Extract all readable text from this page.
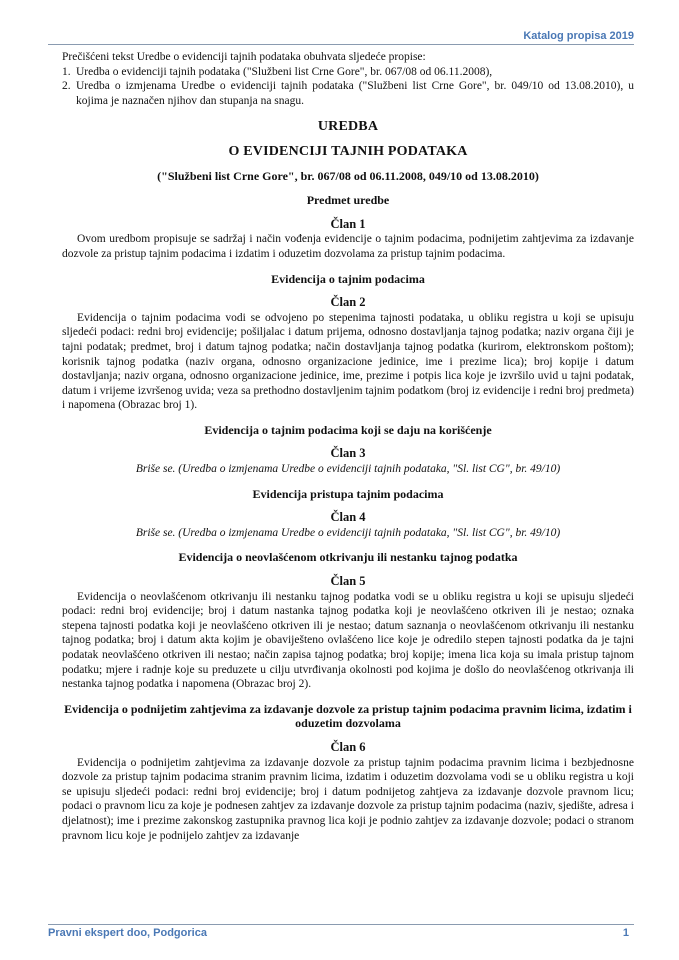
Katalog propisa 2019

Prečišćeni tekst Uredbe o evidenciji tajnih podataka obuhvata sljedeće propise:

1. Uredba o evidenciji tajnih podataka ("Službeni list Crne Gore", br. 067/08 od 06.11.2008),
2. Uredba o izmjenama Uredbe o evidenciji tajnih podataka ("Službeni list Crne Gore", br. 049/10 od 13.08.2010), u kojima je naznačen njihov dan stupanja na snagu.
UREDBA
O EVIDENCIJI TAJNIH PODATAKA
("Službeni list Crne Gore", br. 067/08 od 06.11.2008, 049/10 od 13.08.2010)
Predmet uredbe
Član 1
Ovom uredbom propisuje se sadržaj i način vođenja evidencije o tajnim podacima, podnijetim zahtjevima za izdavanje dozvole za pristup tajnim podacima i izdatim i oduzetim dozvolama za pristup tajnim podacima.
Evidencija o tajnim podacima
Član 2
Evidencija o tajnim podacima vodi se odvojeno po stepenima tajnosti podataka, u obliku registra u koji se upisuju sljedeći podaci: redni broj evidencije; pošiljalac i datum prijema, odnosno dostavljanja tajnog podatka; naziv organa čiji je tajni podatak; predmet, broj i datum tajnog podatka; način dostavljanja tajnog podatka (kurirom, elektronskom poštom); korisnik tajnog podatka (naziv organa, odnosno organizacione jedinice, ime i prezime lica); broj kopije i datum dostavljanja; naziv organa, odnosno organizacione jedinice, ime, prezime i potpis lica koje je izvršilo uvid u tajni podatak, datum i vrijeme izvršenog uvida; veza sa prethodno dostavljenim tajnim podatkom (broj iz evidencije i redni broj predmeta) i napomena (Obrazac broj 1).
Evidencija o tajnim podacima koji se daju na korišćenje
Član 3
Briše se. (Uredba o izmjenama Uredbe o evidenciji tajnih podataka, "Sl. list CG", br. 49/10)
Evidencija pristupa tajnim podacima
Član 4
Briše se. (Uredba o izmjenama Uredbe o evidenciji tajnih podataka, "Sl. list CG", br. 49/10)
Evidencija o neovlašćenom otkrivanju ili nestanku tajnog podatka
Član 5
Evidencija o neovlašćenom otkrivanju ili nestanku tajnog podatka vodi se u obliku registra u koji se upisuju sljedeći podaci: redni broj evidencije; broj i datum nastanka tajnog podatka koji je neovlašćeno otkriven ili je nestao; oznaka stepena tajnosti podatka koji je neovlašćeno otkriven ili je nestao; datum saznanja o neovlašćenom otkrivanju ili nestanku tajnog podatka; broj i datum akta kojim je obaviješteno ovlašćeno lice koje je odredilo stepen tajnosti podatka da je tajni podatak neovlašćeno otkriven ili nestao; način zapisa tajnog podatka; broj kopije; imena lica koja su imala pristup tajnom podatku; mjere i radnje koje su preduzete u cilju utvrđivanja okolnosti pod kojima je došlo do neovlašćenog otkrivanja ili nestanka tajnog podatka i napomena (Obrazac broj 2).
Evidencija o podnijetim zahtjevima za izdavanje dozvole za pristup tajnim podacima pravnim licima, izdatim i oduzetim dozvolama
Član 6
Evidencija o podnijetim zahtjevima za izdavanje dozvole za pristup tajnim podacima pravnim licima i bezbjednosne dozvole za pristup tajnim podacima stranim pravnim licima, izdatim i oduzetim dozvolama vodi se u obliku registra u koji se upisuju sljedeći podaci: redni broj evidencije; broj i datum podnijetog zahtjeva za izdavanje dozvole pravnom licu; podaci o pravnom licu za koje je podnesen zahtjev za izdavanje dozvole za pristup tajnim podacima (naziv, sjedište, adresa i djelatnost); ime i prezime zakonskog zastupnika pravnog lica koji je podnio zahtjev za izdavanje dozvole; podaci o stranom pravnom licu koje je podnijelo zahtjev za izdavanje
Pravni ekspert doo, Podgorica	1
